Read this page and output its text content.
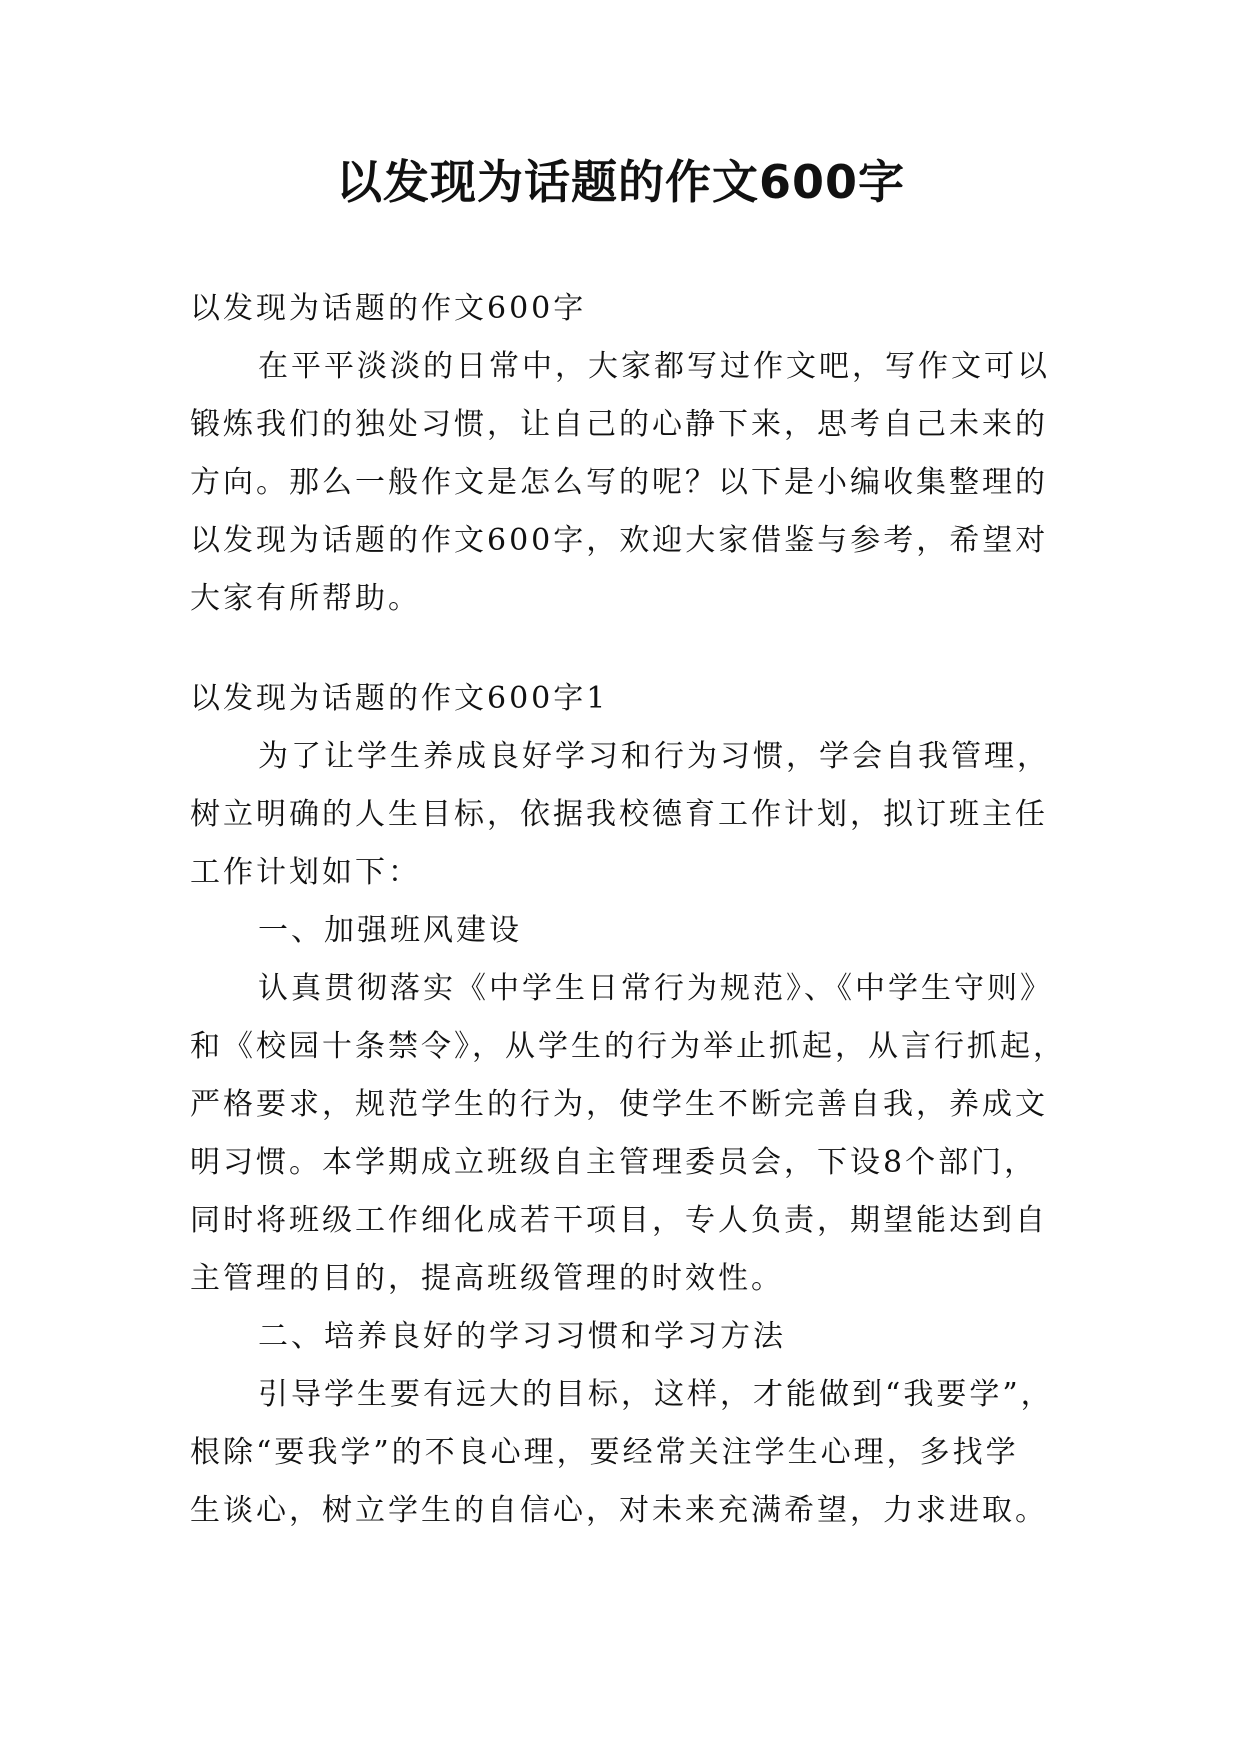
以发现为话题的作文600字
以发现为话题的作文600字
在平平淡淡的日常中，大家都写过作文吧，写作文可以
锻炼我们的独处习惯，让自己的心静下来，思考自己未来的
方向。那么一般作文是怎么写的呢？以下是小编收集整理的
以发现为话题的作文600字，欢迎大家借鉴与参考，希望对
大家有所帮助。
以发现为话题的作文600字1
为了让学生养成良好学习和行为习惯，学会自我管理，
树立明确的人生目标，依据我校德育工作计划，拟订班主任
工作计划如下：
一、加强班风建设
认真贯彻落实《中学生日常行为规范》、《中学生守则》
和《校园十条禁令》，从学生的行为举止抓起，从言行抓起，
严格要求，规范学生的行为，使学生不断完善自我，养成文
明习惯。本学期成立班级自主管理委员会，下设8个部门，
同时将班级工作细化成若干项目，专人负责，期望能达到自
主管理的目的，提高班级管理的时效性。
二、培养良好的学习习惯和学习方法
引导学生要有远大的目标，这样，才能做到“我要学”，
根除“要我学”的不良心理，要经常关注学生心理，多找学
生谈心，树立学生的自信心，对未来充满希望，力求进取。
